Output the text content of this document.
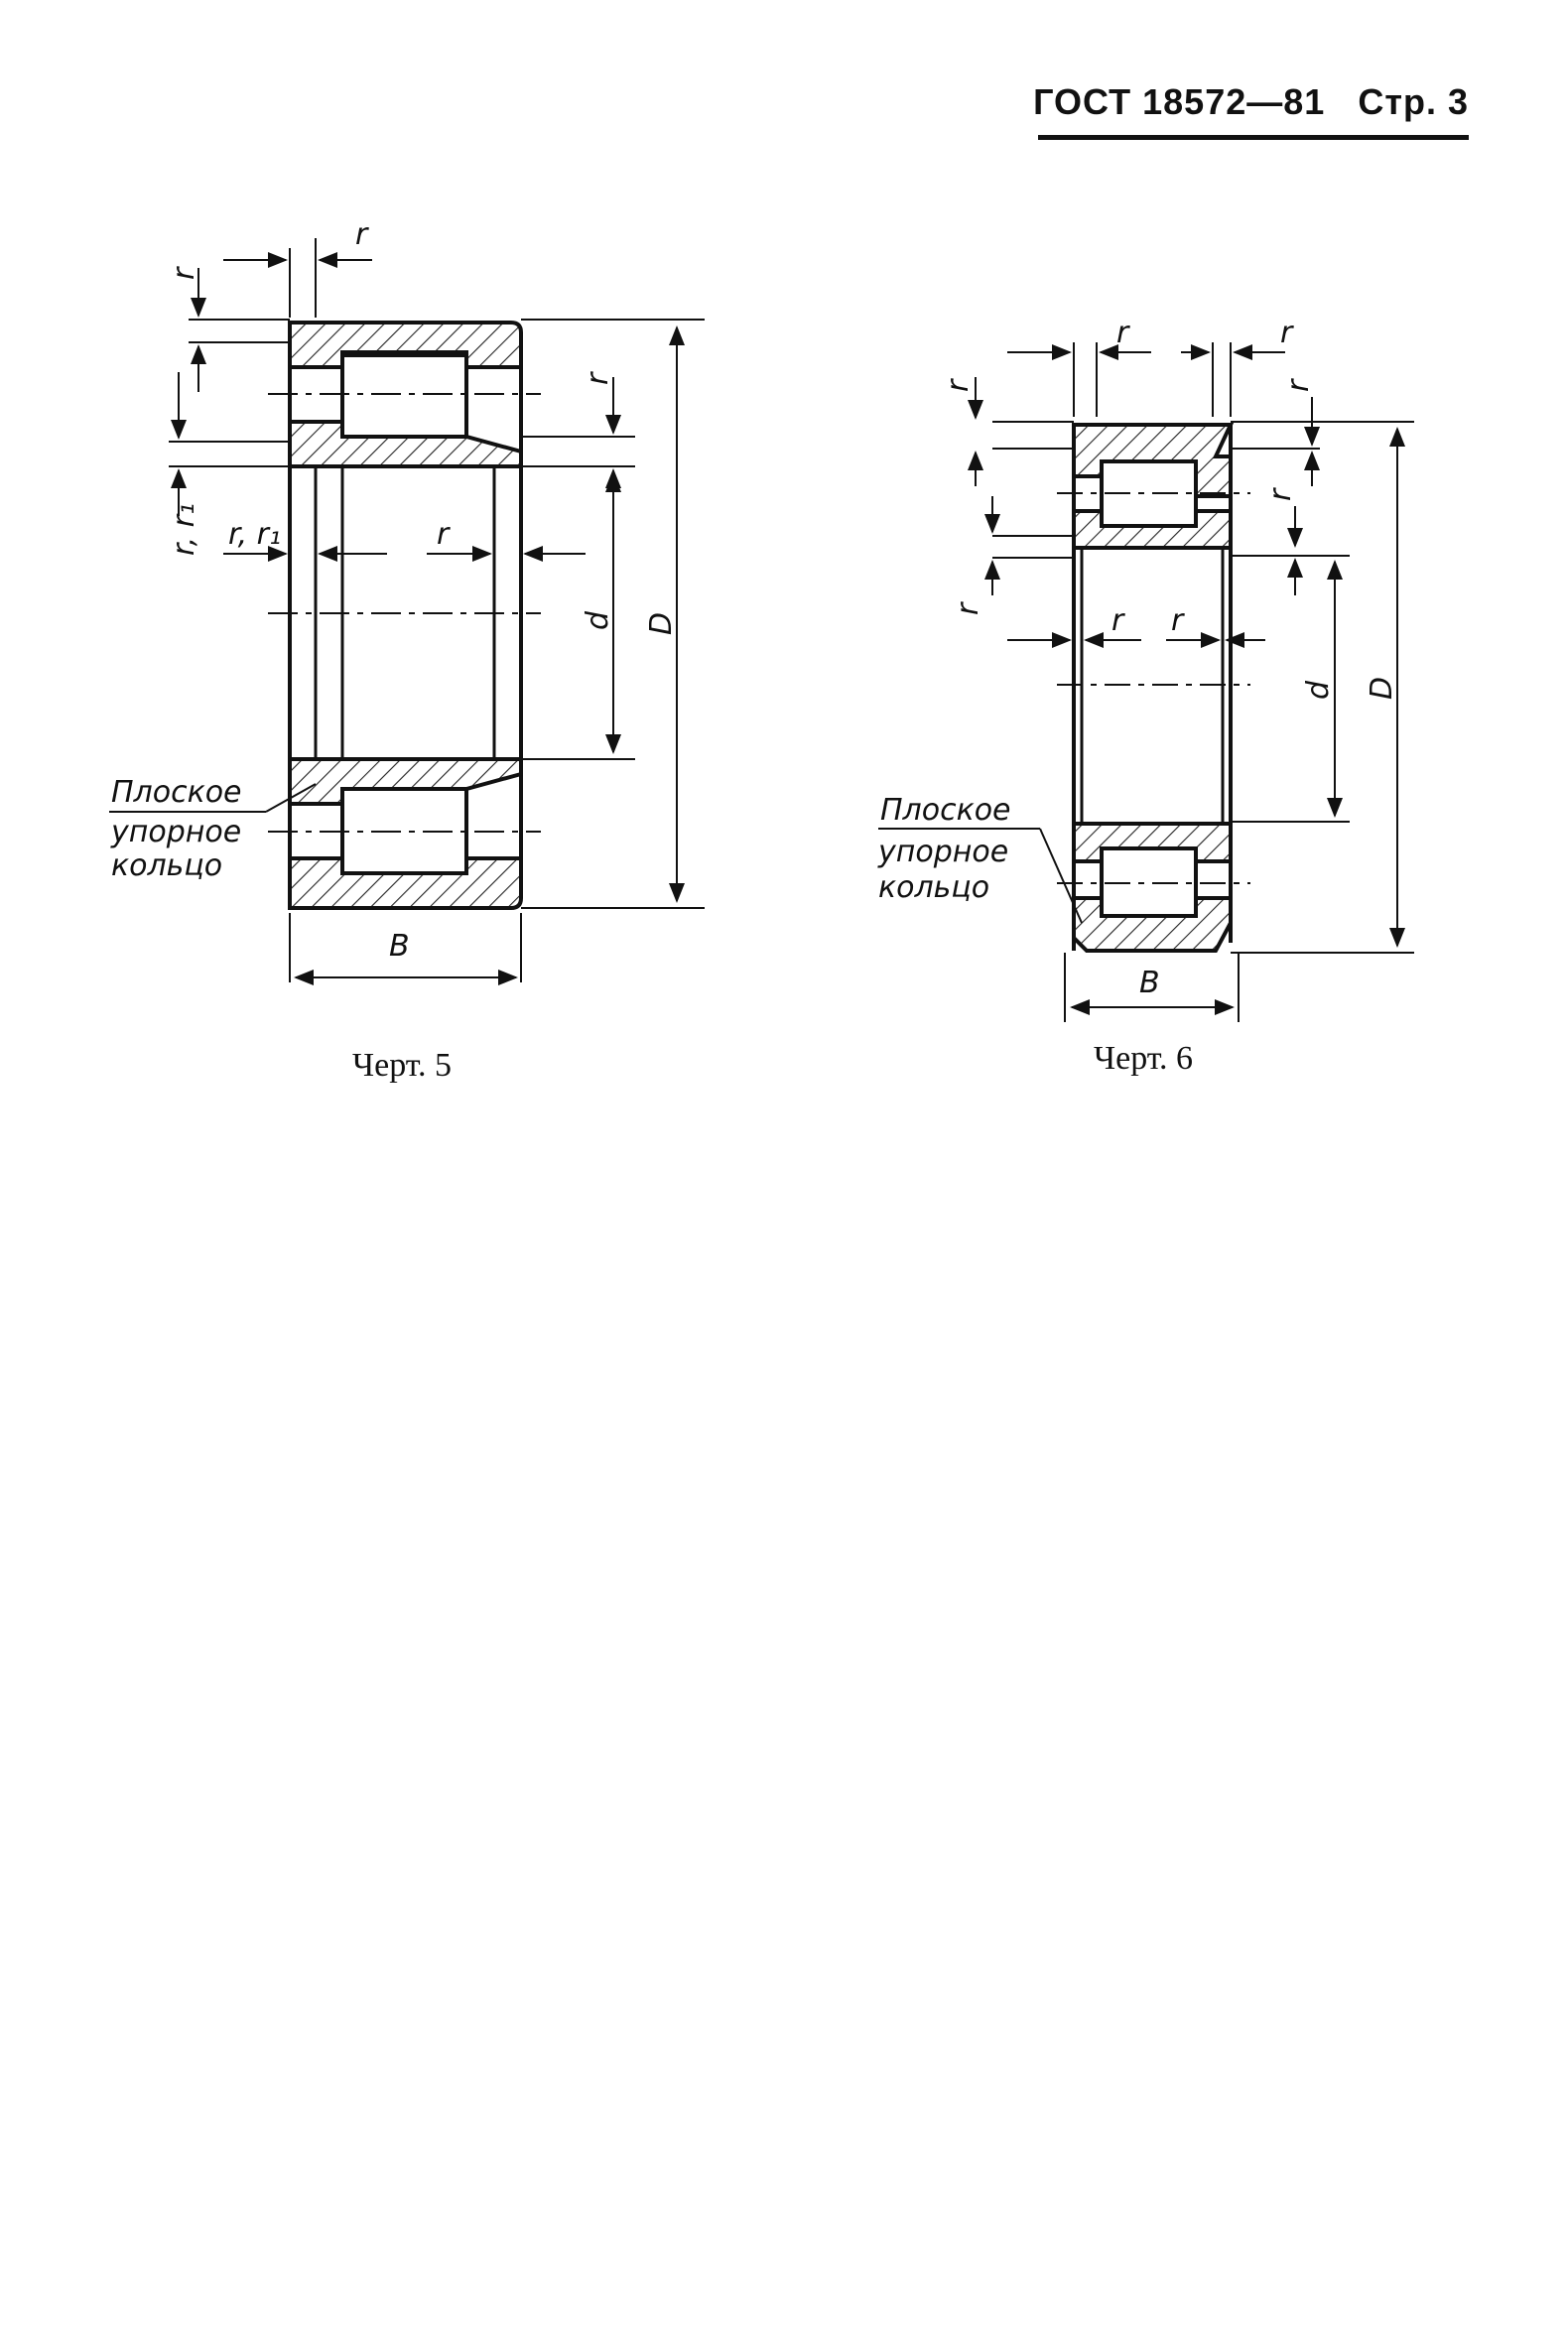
ГОСТ 18572—81 Стр. 3
r
r, r₁	r
r
r
r, r₁
d D
B
Плоское
упорное
кольцо
r	r
r r
r
r
r
r
d D
B
Плоское
упорное
кольцо
Черт. 5	Черт. 6
